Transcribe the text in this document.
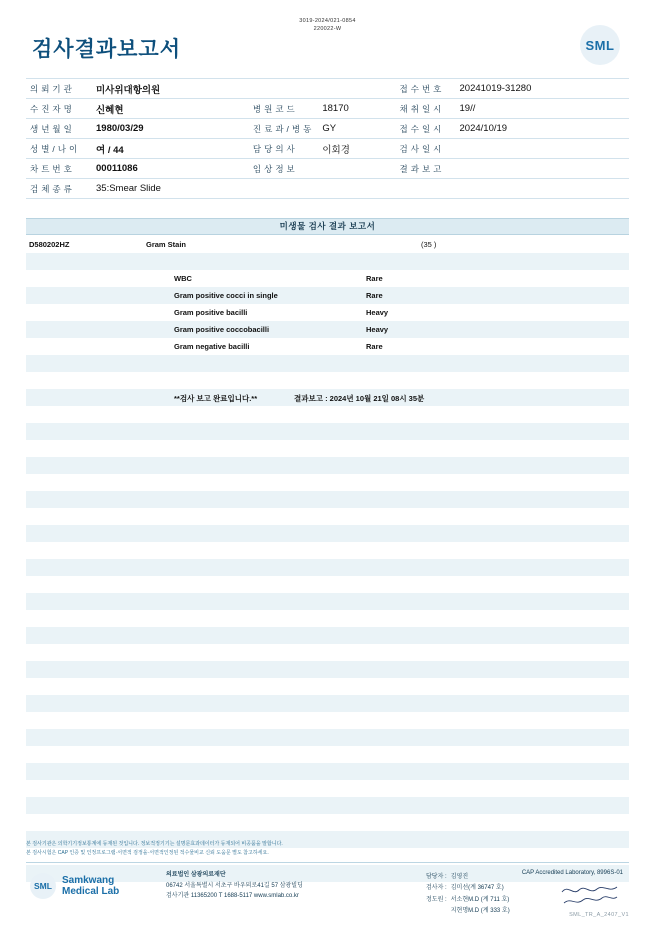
3019-2024/021-0854
220022-W
SML
검사결과보고서
의뢰기관	미사위대항의원			접수번호	20241019-31280
수진자명	신혜현	병원코드	18170	채취일시	19//
생년월일	1980/03/29	진료과/병동	GY	접수일시	2024/10/19
성별/나이	여 / 44	담당의사	이회경	검사일시	
차트번호	00011086	임상정보		결과보고	
검체종류	35:Smear Slide				
미생물 검사 결과 보고서
D580202HZ	Gram Stain	(35 )
WBC	Rare
Gram positive cocci in single	Rare
Gram positive bacilli	Heavy
Gram positive coccobacilli	Heavy
Gram negative bacilli	Rare
**검사 보고 완료입니다.**	결과보고 : 2024년 10월 21일 08시 35분
본 검사기관은 의학기기정보통계에 등재된 것입니다. 정보적정기기는 설명문효과데이터가 등재되어 비공품을 말합니다.
본 검사시험은 CAP 인증 및 인정프로그램·서면적 검정을·서면적인정된 적수물비교 신뢰 도움문 별도 참고하세요.
SML
Samkwang
Medical Lab
의료법인 삼광의료재단
06742 서울특별시 서초구 바우뫼로41길 57 삼광빌딩
검사기관 11365200 T 1688-5117 www.smlab.co.kr
담당자 :	김영진
검사자 :	김미선(계 36747 호)
정도원 :	서소현M.D (계 711 호)
	지현명M.D (계 333 호)
CAP Accredited Laboratory, 8996S-01
SML_TR_A_2407_V1
